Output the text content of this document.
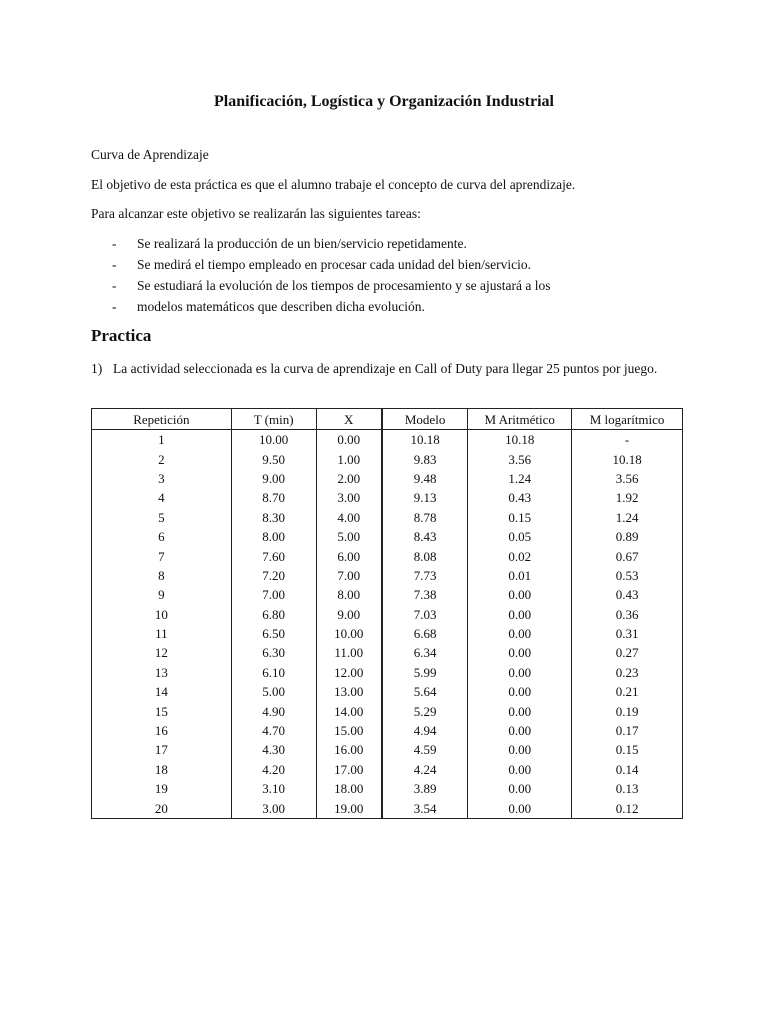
Planificación, Logística y Organización Industrial
Curva de Aprendizaje
El objetivo de esta práctica es que el alumno trabaje el concepto de curva del aprendizaje.
Para alcanzar este objetivo se realizarán las siguientes tareas:
-	Se realizará la producción de un bien/servicio repetidamente.
-	Se medirá el tiempo empleado en procesar cada unidad del bien/servicio.
-	Se estudiará la evolución de los tiempos de procesamiento y se ajustará a los
-	modelos matemáticos que describen dicha evolución.
Practica
1) La actividad seleccionada es la curva de aprendizaje en Call of Duty para llegar 25 puntos por juego.
Repetición	T (min)	X	Modelo	M Aritmético	M logarítmico
1	10.00	0.00	10.18	10.18	-
2	9.50	1.00	9.83	3.56	10.18
3	9.00	2.00	9.48	1.24	3.56
4	8.70	3.00	9.13	0.43	1.92
5	8.30	4.00	8.78	0.15	1.24
6	8.00	5.00	8.43	0.05	0.89
7	7.60	6.00	8.08	0.02	0.67
8	7.20	7.00	7.73	0.01	0.53
9	7.00	8.00	7.38	0.00	0.43
10	6.80	9.00	7.03	0.00	0.36
11	6.50	10.00	6.68	0.00	0.31
12	6.30	11.00	6.34	0.00	0.27
13	6.10	12.00	5.99	0.00	0.23
14	5.00	13.00	5.64	0.00	0.21
15	4.90	14.00	5.29	0.00	0.19
16	4.70	15.00	4.94	0.00	0.17
17	4.30	16.00	4.59	0.00	0.15
18	4.20	17.00	4.24	0.00	0.14
19	3.10	18.00	3.89	0.00	0.13
20	3.00	19.00	3.54	0.00	0.12
